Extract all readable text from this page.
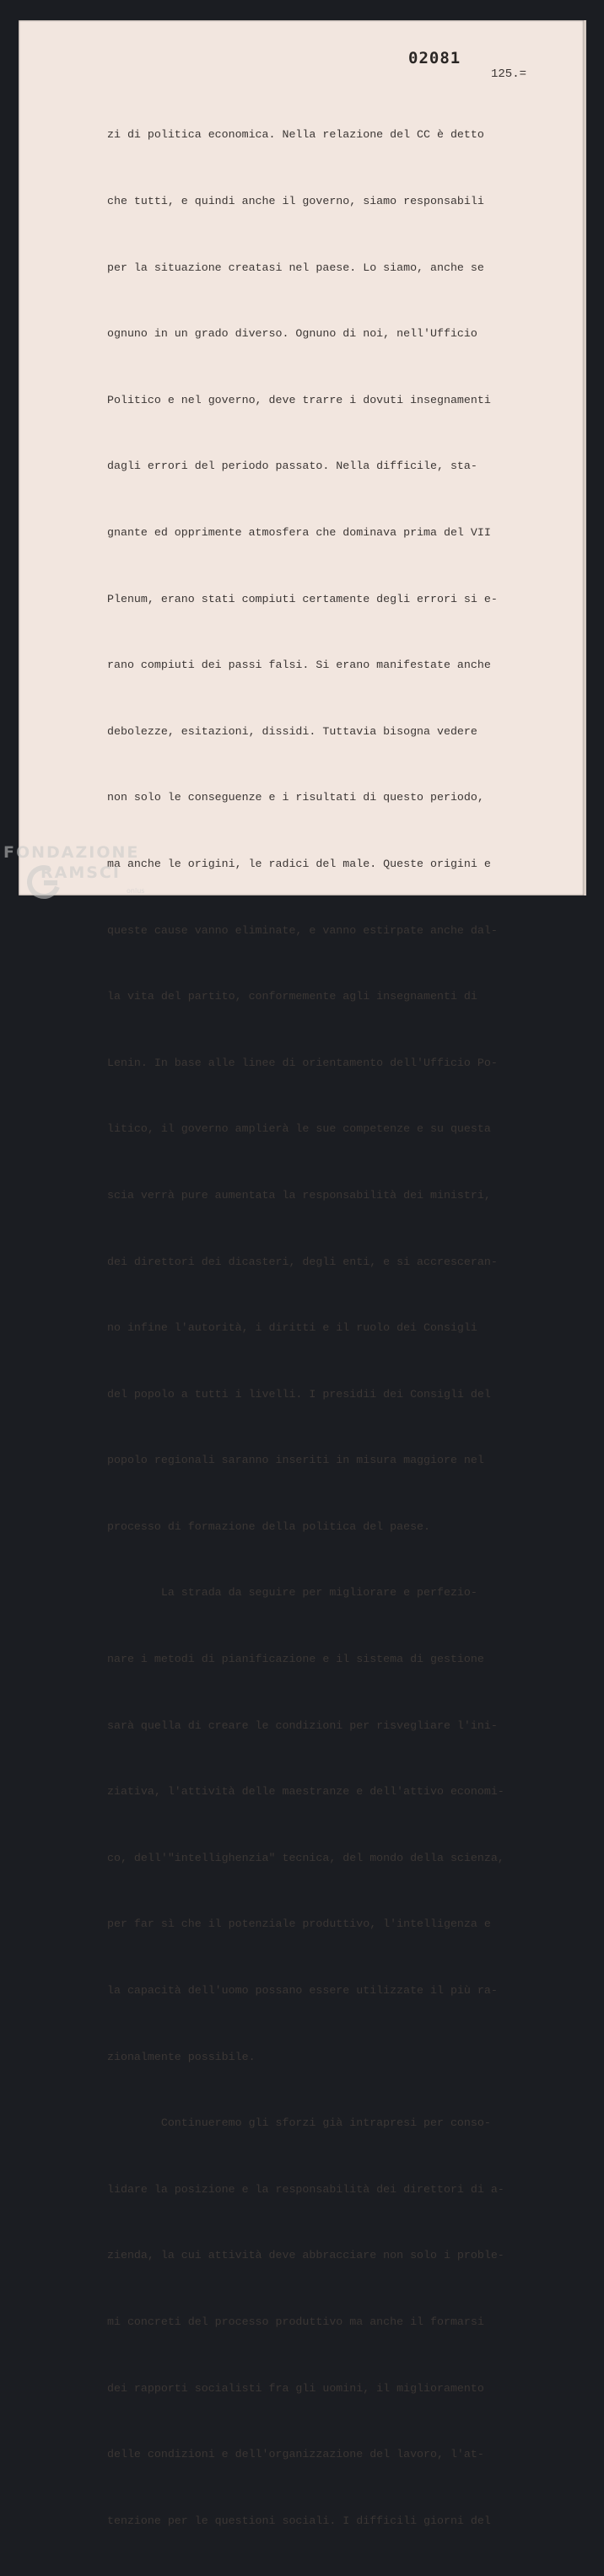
02081
125.=

zi di politica economica. Nella relazione del CC è detto

che tutti, e quindi anche il governo, siamo responsabili

per la situazione creatasi nel paese. Lo siamo, anche se

ognuno in un grado diverso. Ognuno di noi, nell'Ufficio

Politico e nel governo, deve trarre i dovuti insegnamenti

dagli errori del periodo passato. Nella difficile, sta-

gnante ed opprimente atmosfera che dominava prima del VII

Plenum, erano stati compiuti certamente degli errori si e-

rano compiuti dei passi falsi. Si erano manifestate anche

debolezze, esitazioni, dissidi. Tuttavia bisogna vedere

non solo le conseguenze e i risultati di questo periodo,

ma anche le origini, le radici del male. Queste origini e

queste cause vanno eliminate, e vanno estirpate anche dal-

la vita del partito, conformemente agli insegnamenti di

Lenin. In base alle linee di orientamento dell'Ufficio Po-

litico, il governo amplierà le sue competenze e su questa

scia verrà pure aumentata la responsabilità dei ministri,

dei direttori dei dicasteri, degli enti, e si accresceran-

no infine l'autorità, i diritti e il ruolo dei Consigli

del popolo a tutti i livelli. I presidii dei Consigli del

popolo regionali saranno inseriti in misura maggiore nel

processo di formazione della politica del paese.

La strada da seguire per migliorare e perfezio-

nare i metodi di pianificazione e il sistema di gestione

sarà quella di creare le condizioni per risvegliare l'ini-

ziativa, l'attività delle maestranze e dell'attivo economi-

co, dell'"intellighenzia" tecnica, del mondo della scienza,

per far sì che il potenziale produttivo, l'intelligenza e

la capacità dell'uomo possano essere utilizzate il più ra-

zionalmente possibile.

Continueremo gli sforzi già intrapresi per conso-

lidare la posizione e la responsabilità dei direttori di a-

zienda, la cui attività deve abbracciare non solo i proble-

mi concreti del processo produttivo ma anche il formarsi

dei rapporti socialisti fra gli uomini, il miglioramento

delle condizioni e dell'organizzazione del lavoro, l'at-

tenzione per le questioni sociali. I difficili giorni del

FONDAZIONE
RAMSCI
onlus
